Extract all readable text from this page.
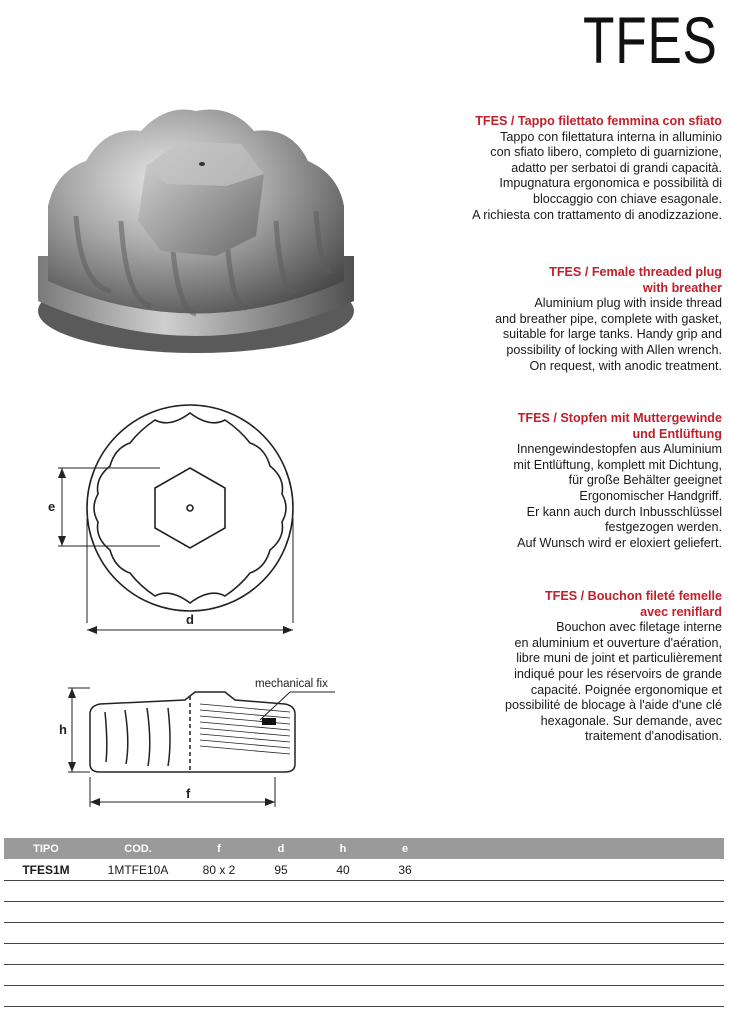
TFES
e
d
h
f
mechanical fix
TFES / Tappo filettato femmina con sfiato
Tappo con filettatura interna in alluminio
con sfiato libero, completo di guarnizione,
adatto per serbatoi di grandi capacità.
Impugnatura ergonomica e possibilità di
bloccaggio con chiave esagonale.
A richiesta con trattamento di anodizzazione.
TFES / Female threaded plug
with breather
Aluminium plug with inside thread
and breather pipe, complete with gasket,
suitable for large tanks. Handy grip and
possibility of locking with Allen wrench.
On request, with anodic treatment.
TFES / Stopfen mit Muttergewinde
und Entlüftung
Innengewindestopfen aus Aluminium
mit Entlüftung, komplett mit Dichtung,
für große Behälter geeignet
Ergonomischer Handgriff.
Er kann auch durch Inbusschlüssel
festgezogen werden.
Auf Wunsch wird er eloxiert geliefert.
TFES / Bouchon fileté femelle
avec reniflard
Bouchon avec filetage interne
en aluminium et ouverture d'aération,
libre muni de joint et particulièrement
indiqué pour les réservoirs de grande
capacité. Poignée ergonomique et
possibilité de blocage à l'aide d'une clé
hexagonale. Sur demande, avec
traitement d'anodisation.
TIPO	COD.	f	d	h	e
TFES1M	1MTFE10A	80 x 2	95	40	36
